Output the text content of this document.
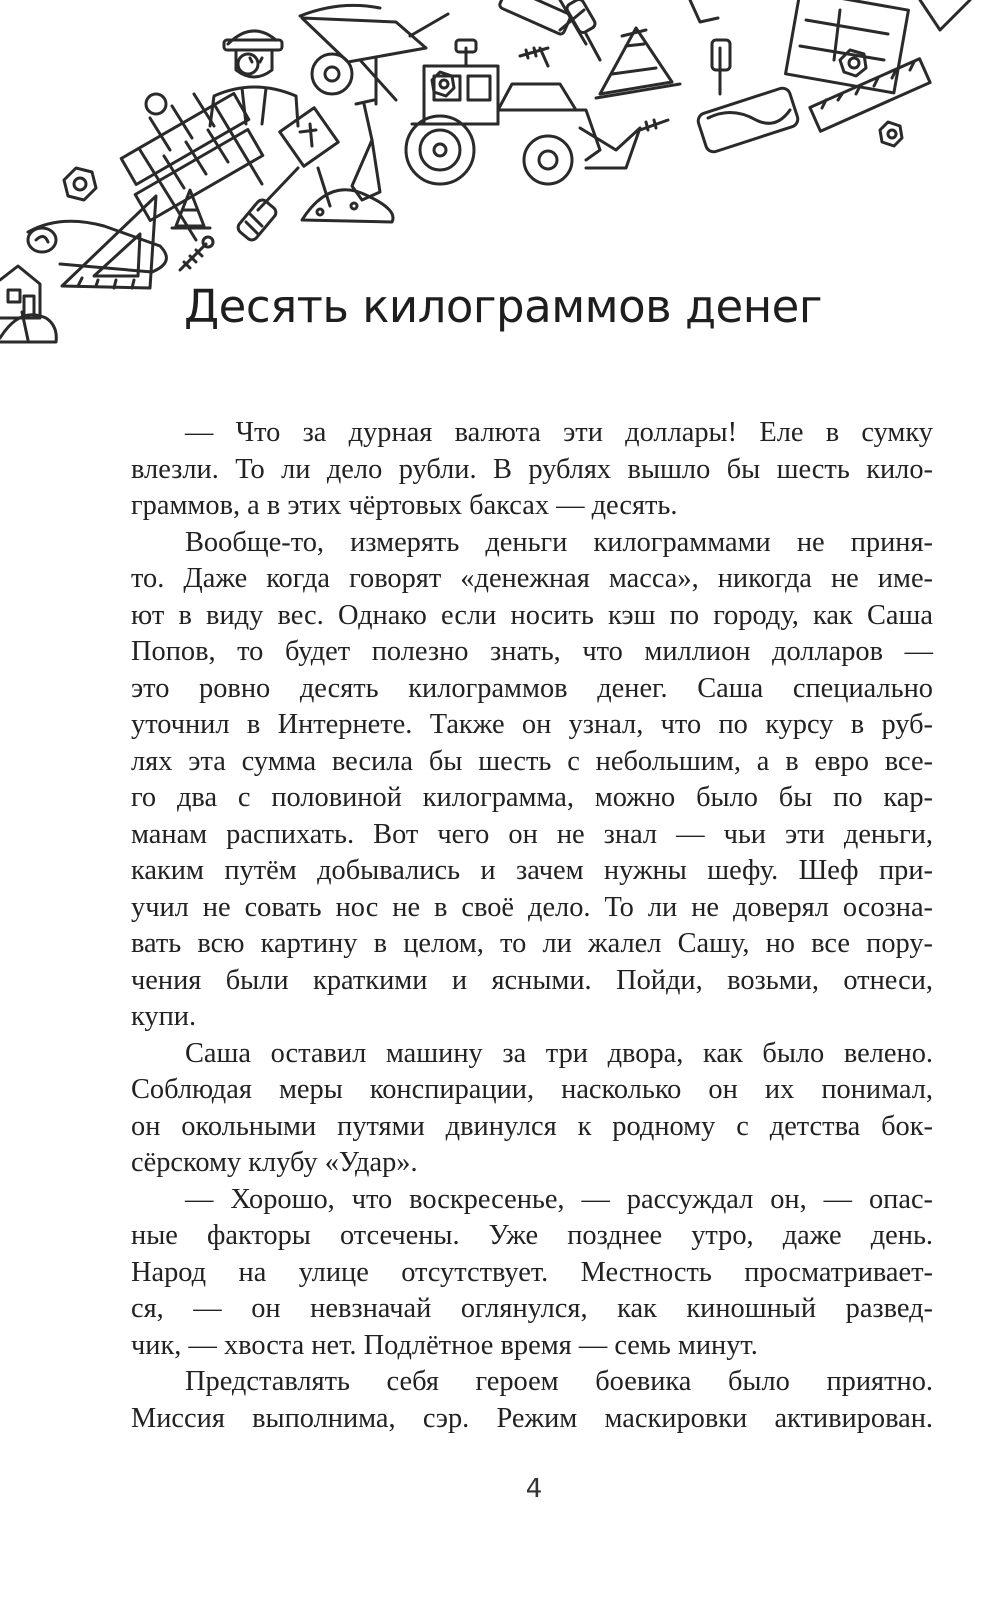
Десять килограммов денег
— Что за дурная валюта эти доллары! Еле в сумку
влезли. То ли дело рубли. В рублях вышло бы шесть кило-
граммов, а в этих чёртовых баксах — десять.
Вообще-то, измерять деньги килограммами не приня-
то. Даже когда говорят «денежная масса», никогда не име-
ют в виду вес. Однако если носить кэш по городу, как Саша
Попов, то будет полезно знать, что миллион долларов —
это ровно десять килограммов денег. Саша специально
уточнил в Интернете. Также он узнал, что по курсу в руб-
лях эта сумма весила бы шесть с небольшим, а в евро все-
го два с половиной килограмма, можно было бы по кар-
манам распихать. Вот чего он не знал — чьи эти деньги,
каким путём добывались и зачем нужны шефу. Шеф при-
учил не совать нос не в своё дело. То ли не доверял осозна-
вать всю картину в целом, то ли жалел Сашу, но все пору-
чения были краткими и ясными. Пойди, возьми, отнеси,
купи.
Саша оставил машину за три двора, как было велено.
Соблюдая меры конспирации, насколько он их понимал,
он окольными путями двинулся к родному с детства бок-
сёрскому клубу «Удар».
— Хорошо, что воскресенье, — рассуждал он, — опас-
ные факторы отсечены. Уже позднее утро, даже день.
Народ на улице отсутствует. Местность просматривает-
ся, — он невзначай оглянулся, как киношный развед-
чик, — хвоста нет. Подлётное время — семь минут.
Представлять себя героем боевика было приятно.
Миссия выполнима, сэр. Режим маскировки активирован.
4
